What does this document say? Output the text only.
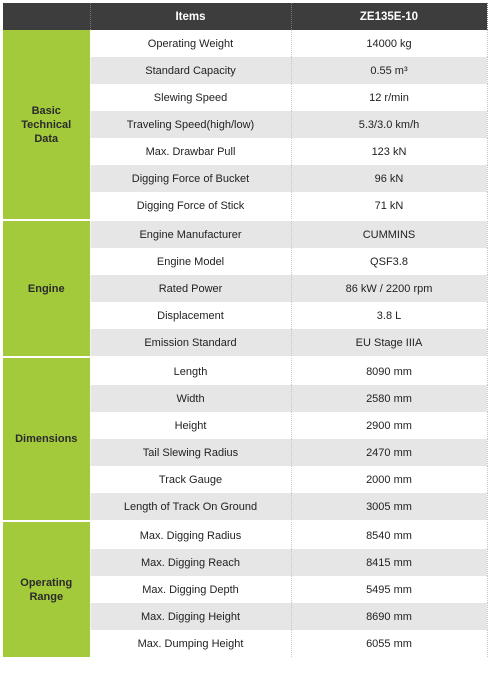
	Items	ZE135E-10
Basic
Technical
Data	Operating Weight	14000 kg
	Standard Capacity	0.55 m³
	Slewing Speed	12 r/min
	Traveling Speed(high/low)	5.3/3.0 km/h
	Max. Drawbar Pull	123 kN
	Digging Force of Bucket	96 kN
	Digging Force of Stick	71 kN
Engine	Engine Manufacturer	CUMMINS
	Engine Model	QSF3.8
	Rated Power	86 kW / 2200 rpm
	Displacement	3.8 L
	Emission Standard	EU Stage IIIA
Dimensions	Length	8090 mm
	Width	2580 mm
	Height	2900 mm
	Tail Slewing Radius	2470 mm
	Track Gauge	2000 mm
	Length of Track On Ground	3005 mm
Operating
Range	Max. Digging Radius	8540 mm
	Max. Digging Reach	8415 mm
	Max. Digging Depth	5495 mm
	Max. Digging Height	8690 mm
	Max. Dumping Height	6055 mm
